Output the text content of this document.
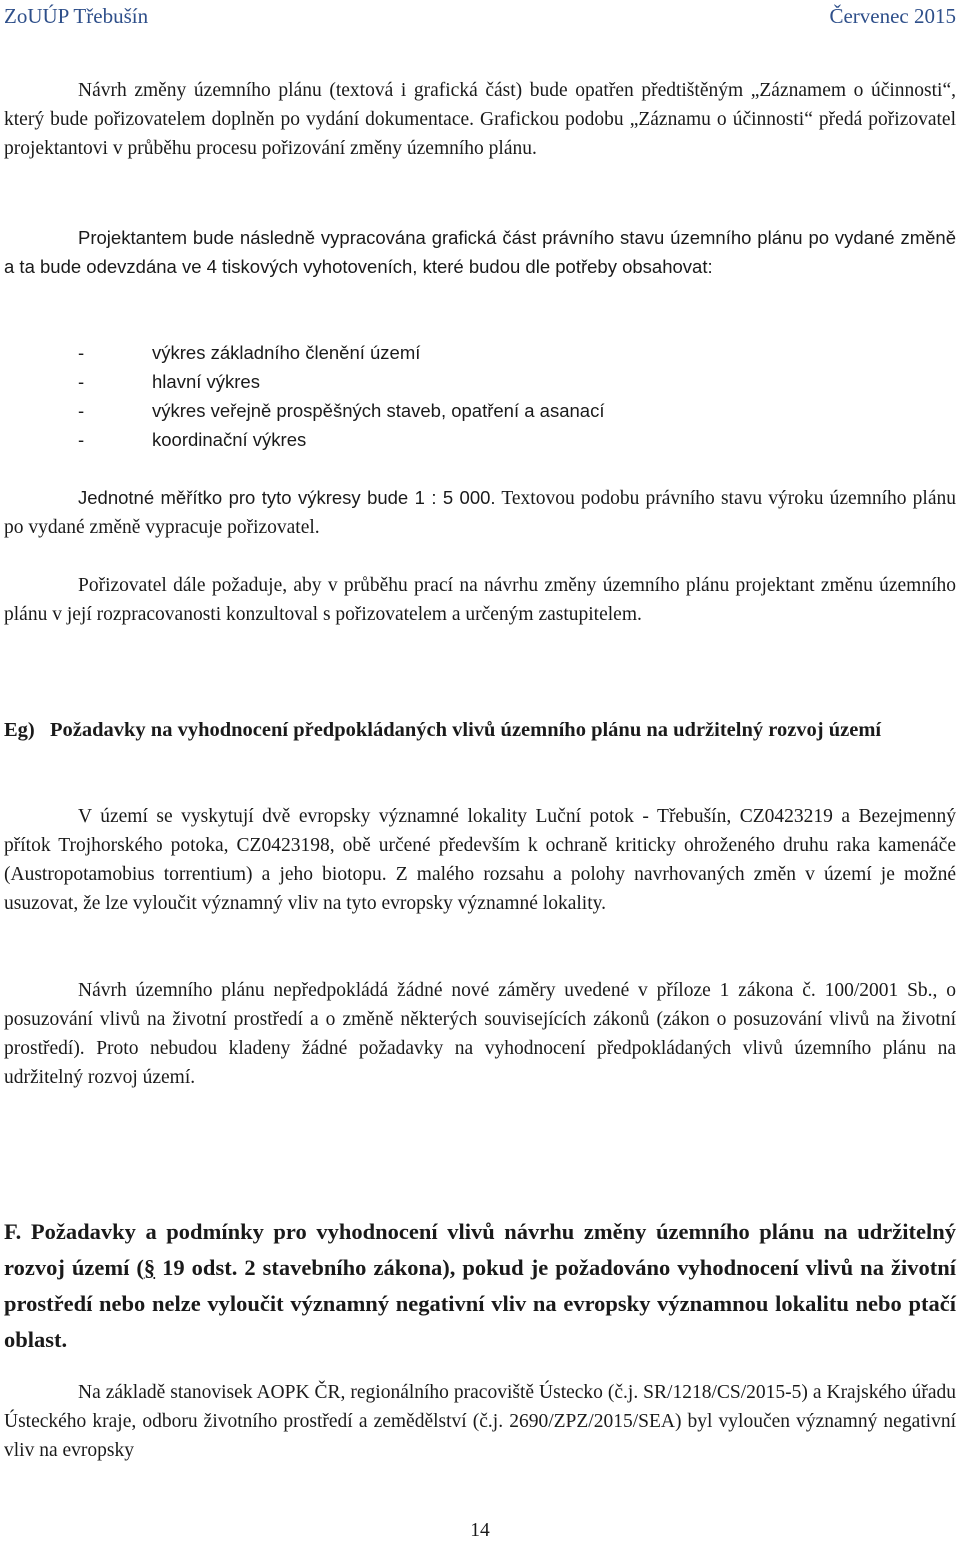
ZoUÚP Třebušín	Červenec 2015

Návrh změny územního plánu (textová i grafická část) bude opatřen předtištěným „Záznamem o účinnosti“, který bude pořizovatelem doplněn po vydání dokumentace. Grafickou podobu „Záznamu o účinnosti“ předá pořizovatel projektantovi v průběhu procesu pořizování změny územního plánu.

Projektantem bude následně vypracována grafická část právního stavu územního plánu po vydané změně a ta bude odevzdána ve 4 tiskových vyhotoveních, které budou dle potřeby obsahovat:

-	výkres základního členění území
-	hlavní výkres
-	výkres veřejně prospěšných staveb, opatření a asanací
-	koordinační výkres

Jednotné měřítko pro tyto výkresy bude 1 : 5 000. Textovou podobu právního stavu výroku územního plánu po vydané změně vypracuje pořizovatel.

Pořizovatel dále požaduje, aby v průběhu prací na návrhu změny územního plánu projektant změnu územního plánu v její rozpracovanosti konzultoval s pořizovatelem a určeným zastupitelem.

Eg) Požadavky na vyhodnocení předpokládaných vlivů územního plánu na udržitelný rozvoj území

V území se vyskytují dvě evropsky významné lokality Luční potok - Třebušín, CZ0423219 a Bezejmenný přítok Trojhorského potoka, CZ0423198, obě určené především k ochraně kriticky ohroženého druhu raka kamenáče (Austropotamobius torrentium) a jeho biotopu. Z malého rozsahu a polohy navrhovaných změn v území je možné usuzovat, že lze vyloučit významný vliv na tyto evropsky významné lokality.

Návrh územního plánu nepředpokládá žádné nové záměry uvedené v příloze 1 zákona č. 100/2001 Sb., o posuzování vlivů na životní prostředí a o změně některých souvisejících zákonů (zákon o posuzování vlivů na životní prostředí). Proto nebudou kladeny žádné požadavky na vyhodnocení předpokládaných vlivů územního plánu na udržitelný rozvoj území.

F. Požadavky a podmínky pro vyhodnocení vlivů návrhu změny územního plánu na udržitelný rozvoj území (§ 19 odst. 2 stavebního zákona), pokud je požadováno vyhodnocení vlivů na životní prostředí nebo nelze vyloučit významný negativní vliv na evropsky významnou lokalitu nebo ptačí oblast.

Na základě stanovisek AOPK ČR, regionálního pracoviště Ústecko (č.j. SR/1218/CS/2015-5) a Krajského úřadu Ústeckého kraje, odboru životního prostředí a zemědělství (č.j. 2690/ZPZ/2015/SEA) byl vyloučen významný negativní vliv na evropsky

14
